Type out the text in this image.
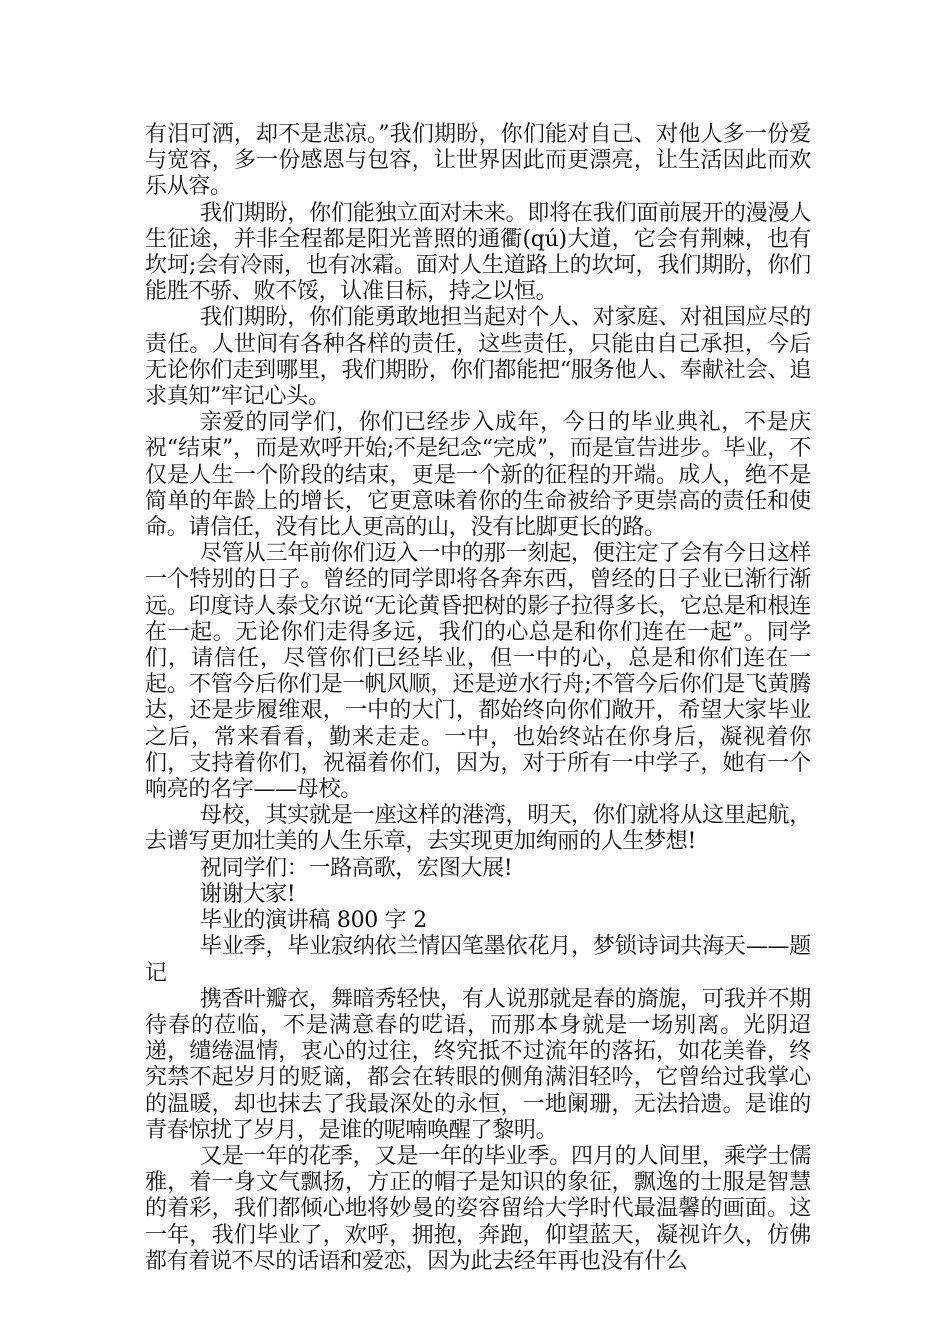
有泪可洒，却不是悲凉。”我们期盼，你们能对自己、对他人多一份爱与宽容，多一份感恩与包容，让世界因此而更漂亮，让生活因此而欢乐从容。

我们期盼，你们能独立面对未来。即将在我们面前展开的漫漫人生征途，并非全程都是阳光普照的通衢(qú)大道，它会有荆棘，也有坎坷;会有冷雨，也有冰霜。面对人生道路上的坎坷，我们期盼，你们能胜不骄、败不馁，认准目标，持之以恒。

我们期盼，你们能勇敢地担当起对个人、对家庭、对祖国应尽的责任。人世间有各种各样的责任，这些责任，只能由自己承担，今后无论你们走到哪里，我们期盼，你们都能把“服务他人、奉献社会、追求真知”牢记心头。

亲爱的同学们，你们已经步入成年，今日的毕业典礼，不是庆祝“结束”，而是欢呼开始;不是纪念“完成”，而是宣告进步。毕业，不仅是人生一个阶段的结束，更是一个新的征程的开端。成人，绝不是简单的年龄上的增长，它更意味着你的生命被给予更崇高的责任和使命。请信任，没有比人更高的山，没有比脚更长的路。

尽管从三年前你们迈入一中的那一刻起，便注定了会有今日这样一个特别的日子。曾经的同学即将各奔东西，曾经的日子业已渐行渐远。印度诗人泰戈尔说“无论黄昏把树的影子拉得多长，它总是和根连在一起。无论你们走得多远，我们的心总是和你们连在一起”。同学们，请信任，尽管你们已经毕业，但一中的心，总是和你们连在一起。不管今后你们是一帆风顺，还是逆水行舟;不管今后你们是飞黄腾达，还是步履维艰，一中的大门，都始终向你们敞开，希望大家毕业之后，常来看看，勤来走走。一中，也始终站在你身后，凝视着你们，支持着你们，祝福着你们，因为，对于所有一中学子，她有一个响亮的名字——母校。

母校，其实就是一座这样的港湾，明天，你们就将从这里起航，去谱写更加壮美的人生乐章，去实现更加绚丽的人生梦想!

祝同学们：一路高歌，宏图大展!

谢谢大家!

毕业的演讲稿 800 字 2

毕业季，毕业寂纳依兰情囚笔墨依花月，梦锁诗词共海天——题记

携香叶瓣衣，舞暗秀轻快，有人说那就是春的旖旎，可我并不期待春的莅临，不是满意春的呓语，而那本身就是一场别离。光阴迢递，缱绻温情，衷心的过往，终究抵不过流年的落拓，如花美眷，终究禁不起岁月的贬谪，都会在转眼的侧角满泪轻吟，它曾给过我掌心的温暖，却也抹去了我最深处的永恒，一地阑珊，无法拾遗。是谁的青春惊扰了岁月，是谁的呢喃唤醒了黎明。

又是一年的花季，又是一年的毕业季。四月的人间里，乘学士儒雅，着一身文气飘扬，方正的帽子是知识的象征，飘逸的士服是智慧的着彩，我们都倾心地将妙曼的姿容留给大学时代最温馨的画面。这一年，我们毕业了，欢呼，拥抱，奔跑，仰望蓝天，凝视许久，仿佛都有着说不尽的话语和爱恋，因为此去经年再也没有什么
